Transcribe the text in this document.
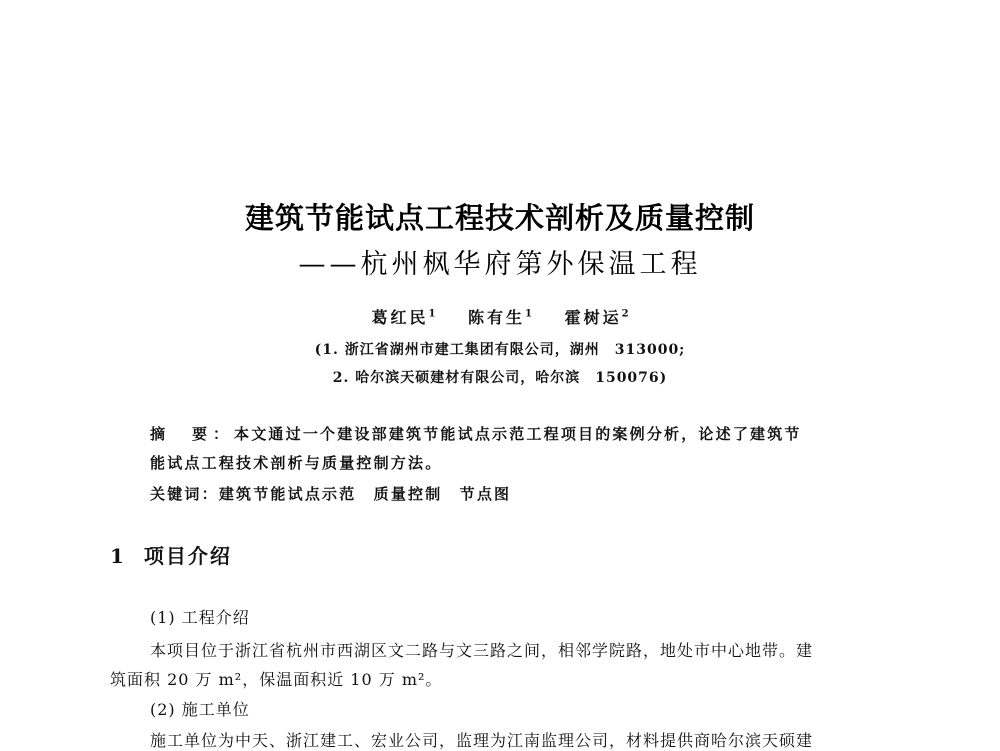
建筑节能试点工程技术剖析及质量控制
——杭州枫华府第外保温工程
葛红民$^1$ 陈有生$^1$ 霍树运$^2$
(1. 浙江省湖州市建工集团有限公司，湖州　313000;
2. 哈尔滨天硕建材有限公司，哈尔滨　150076)
摘　要：本文通过一个建设部建筑节能试点示范工程项目的案例分析，论述了建筑节
能试点工程技术剖析与质量控制方法。
关键词：建筑节能试点示范　质量控制　节点图
1 项目介绍
(1) 工程介绍
本项目位于浙江省杭州市西湖区文二路与文三路之间，相邻学院路，地处市中心地带。建
筑面积 20 万 m²，保温面积近 10 万 m²。
(2) 施工单位
施工单位为中天、浙江建工、宏业公司，监理为江南监理公司，材料提供商哈尔滨天硕建
